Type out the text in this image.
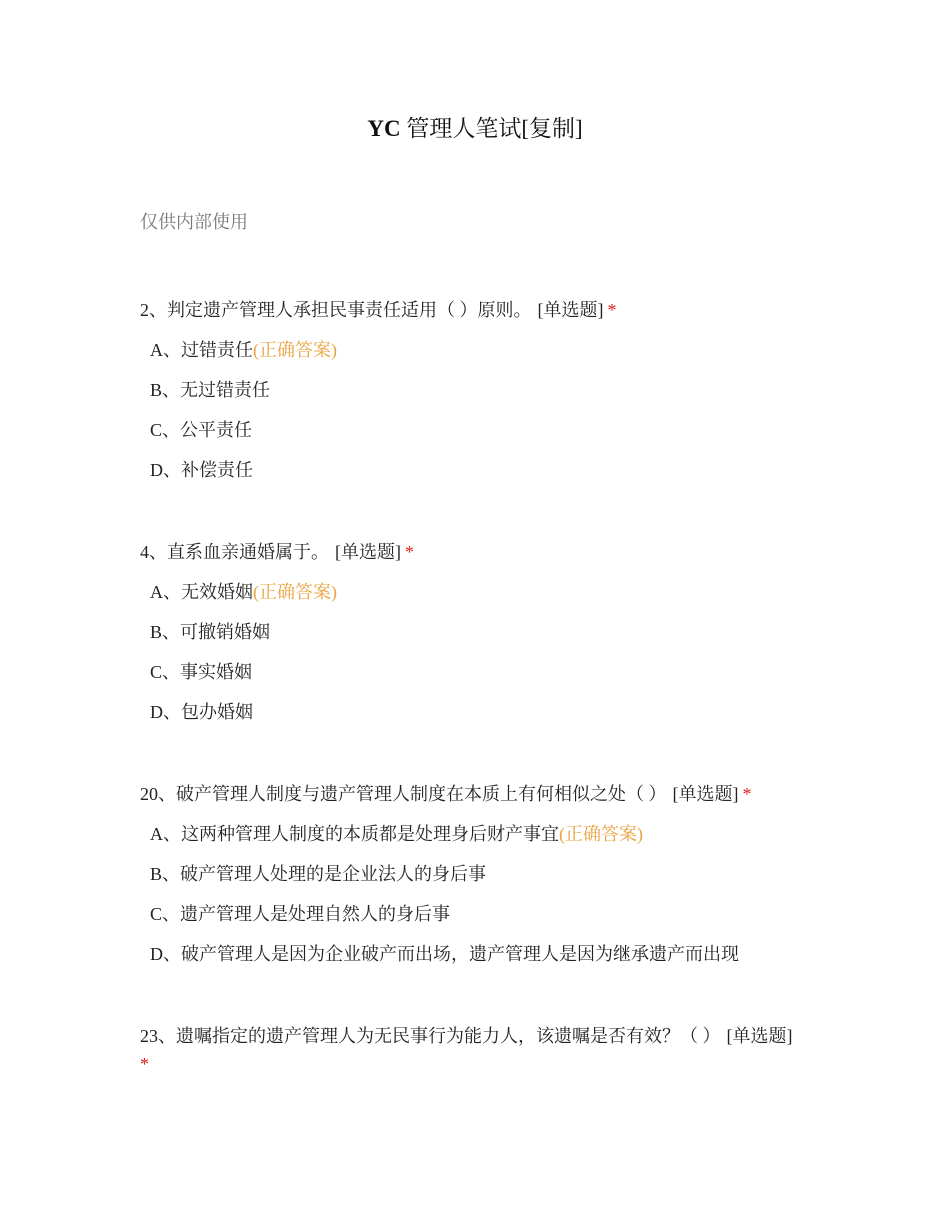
YC 管理人笔试[复制]
仅供内部使用
2、判定遗产管理人承担民事责任适用（ ）原则。 [单选题] *
A、过错责任(正确答案)
B、无过错责任
C、公平责任
D、补偿责任
4、直系血亲通婚属于。 [单选题] *
A、无效婚姻(正确答案)
B、可撤销婚姻
C、事实婚姻
D、包办婚姻
20、破产管理人制度与遗产管理人制度在本质上有何相似之处（ ） [单选题] *
A、这两种管理人制度的本质都是处理身后财产事宜(正确答案)
B、破产管理人处理的是企业法人的身后事
C、遗产管理人是处理自然人的身后事
D、破产管理人是因为企业破产而出场，遗产管理人是因为继承遗产而出现
23、遗嘱指定的遗产管理人为无民事行为能力人，该遗嘱是否有效？（ ） [单选题]
*
